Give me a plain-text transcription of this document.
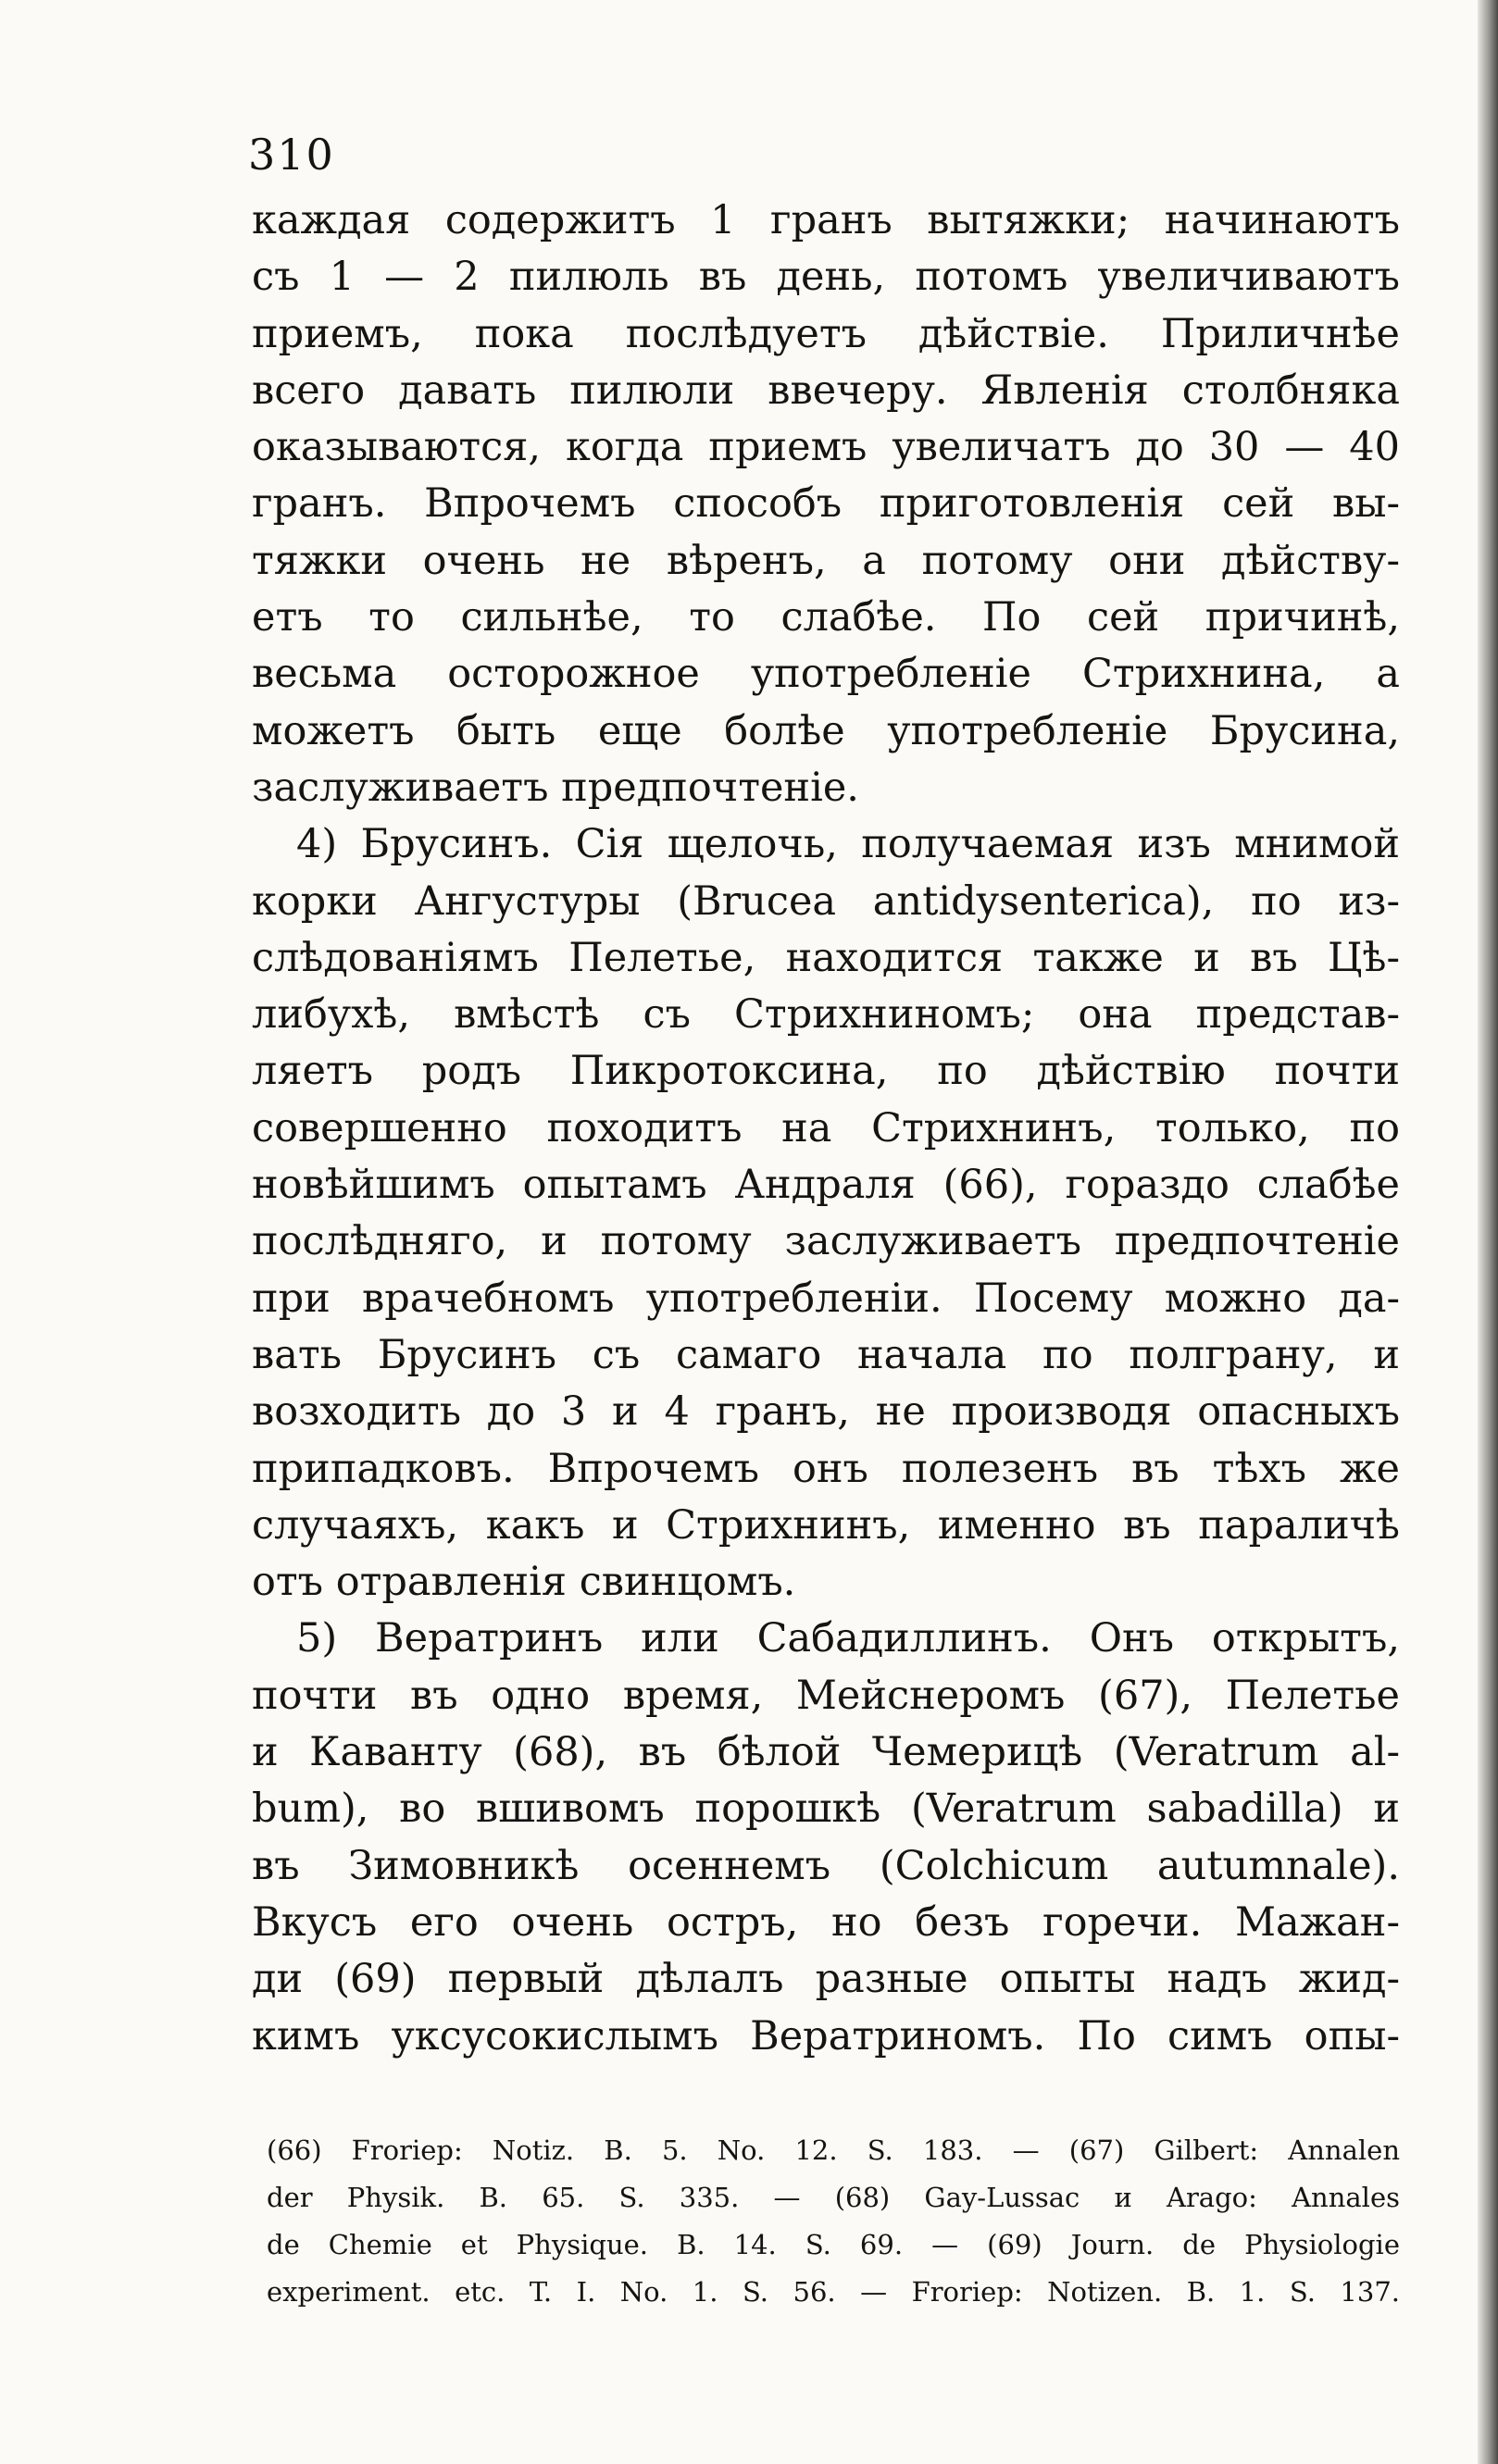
310
каждая содержитъ 1 гранъ вытяжки; начинаютъ
съ 1 — 2 пилюль въ день, потомъ увеличиваютъ
приемъ, пока послѣдуетъ дѣйствіе. Приличнѣе
всего давать пилюли ввечеру. Явленія столбняка
оказываются, когда приемъ увеличатъ до 30 — 40
гранъ. Впрочемъ способъ приготовленія сей вы-
тяжки очень не вѣренъ, а потому они дѣйству-
етъ то сильнѣе, то слабѣе. По сей причинѣ,
весьма осторожное употребленіе Стрихнина, а
можетъ быть еще болѣе употребленіе Брусина,
заслуживаетъ предпочтеніе.
4) Брусинъ. Сія щелочь, получаемая изъ мнимой
корки Ангустуры (Brucea antidysenterica), по из-
слѣдованіямъ Пелетье, находится также и въ Цѣ-
либухѣ, вмѣстѣ съ Стрихниномъ; она представ-
ляетъ родъ Пикротоксина, по дѣйствію почти
совершенно походитъ на Стрихнинъ, только, по
новѣйшимъ опытамъ Андраля (66), гораздо слабѣе
послѣдняго, и потому заслуживаетъ предпочтеніе
при врачебномъ употребленіи. Посему можно да-
вать Брусинъ съ самаго начала по полграну, и
возходить до 3 и 4 гранъ, не производя опасныхъ
припадковъ. Впрочемъ онъ полезенъ въ тѣхъ же
случаяхъ, какъ и Стрихнинъ, именно въ параличѣ
отъ отравленія свинцомъ.
5) Вератринъ или Сабадиллинъ. Онъ открытъ,
почти въ одно время, Мейснеромъ (67), Пелетье
и Каванту (68), въ бѣлой Чемерицѣ (Veratrum al-
bum), во вшивомъ порошкѣ (Veratrum sabadilla) и
въ Зимовникѣ осеннемъ (Colchicum autumnale).
Вкусъ его очень остръ, но безъ горечи. Мажан-
ди (69) первый дѣлалъ разные опыты надъ жид-
кимъ уксусокислымъ Вератриномъ. По симъ опы-
(66) Froriep: Notiz. B. 5. No. 12. S. 183. — (67) Gilbert: Annalen
der Physik. B. 65. S. 335. — (68) Gay-Lussac и Arago: Annales
de Chemie et Physique. B. 14. S. 69. — (69) Journ. de Physiologie
experiment. etc. T. I. No. 1. S. 56. — Froriep: Notizen. B. 1. S. 137.
